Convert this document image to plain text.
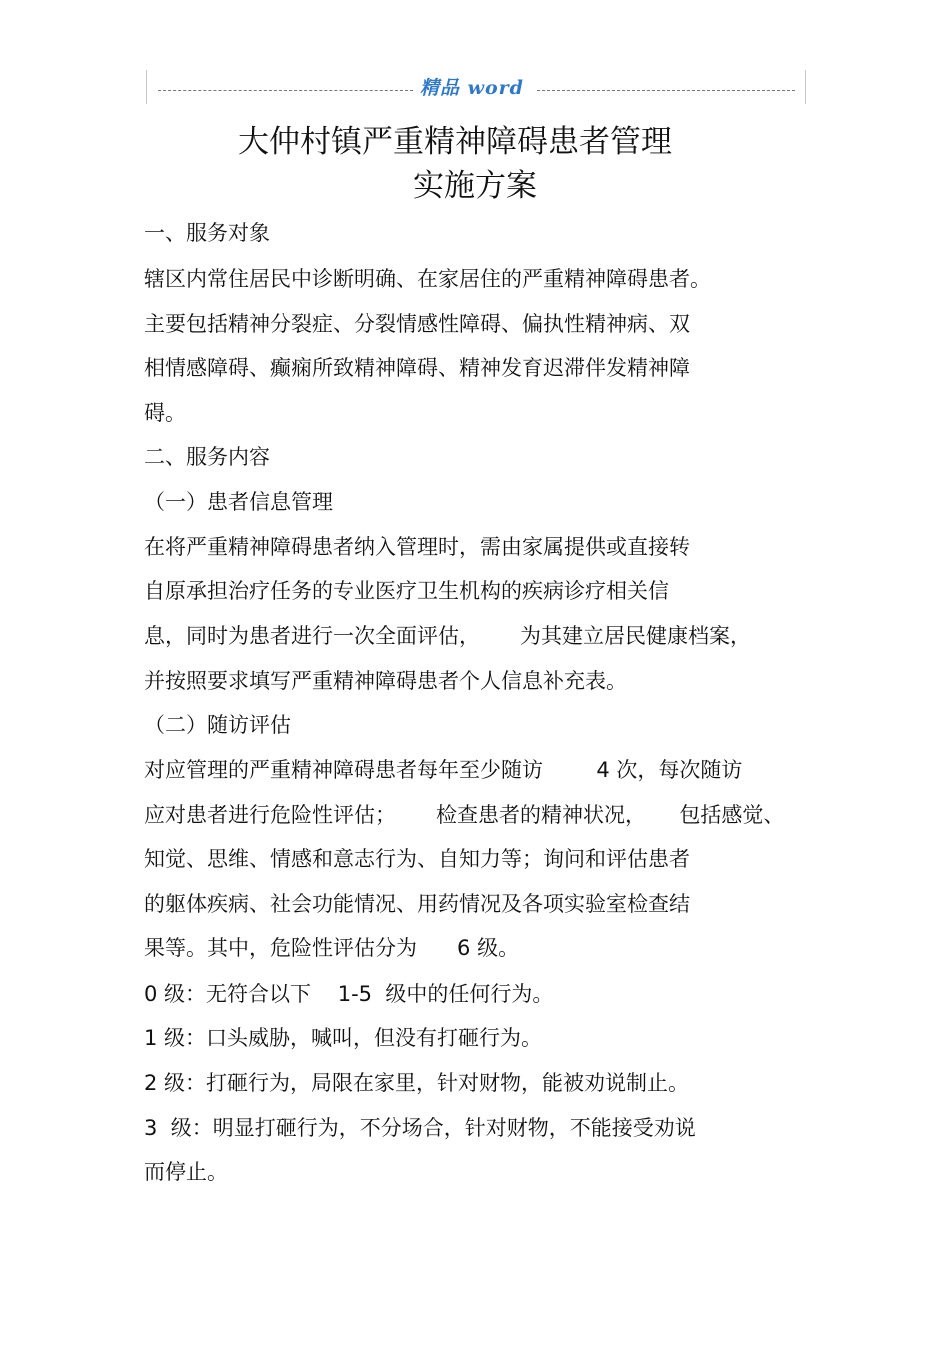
精品 word
大仲村镇严重精神障碍患者管理
实施方案
一、服务对象
辖区内常住居民中诊断明确、在家居住的严重精神障碍患者。
主要包括精神分裂症、分裂情感性障碍、偏执性精神病、双
相情感障碍、癫痫所致精神障碍、精神发育迟滞伴发精神障
碍。
二、服务内容
（一）患者信息管理
在将严重精神障碍患者纳入管理时，需由家属提供或直接转
自原承担治疗任务的专业医疗卫生机构的疾病诊疗相关信
息，同时为患者进行一次全面评估，      为其建立居民健康档案，
并按照要求填写严重精神障碍患者个人信息补充表。
（二）随访评估
对应管理的严重精神障碍患者每年至少随访        4 次，每次随访
应对患者进行危险性评估；      检查患者的精神状况，     包括感觉、
知觉、思维、情感和意志行为、自知力等；询问和评估患者
的躯体疾病、社会功能情况、用药情况及各项实验室检查结
果等。其中，危险性评估分为      6 级。
0 级：无符合以下    1-5  级中的任何行为。
1 级：口头威胁，喊叫，但没有打砸行为。
2 级：打砸行为，局限在家里，针对财物，能被劝说制止。
3  级：明显打砸行为，不分场合，针对财物，不能接受劝说
而停止。
